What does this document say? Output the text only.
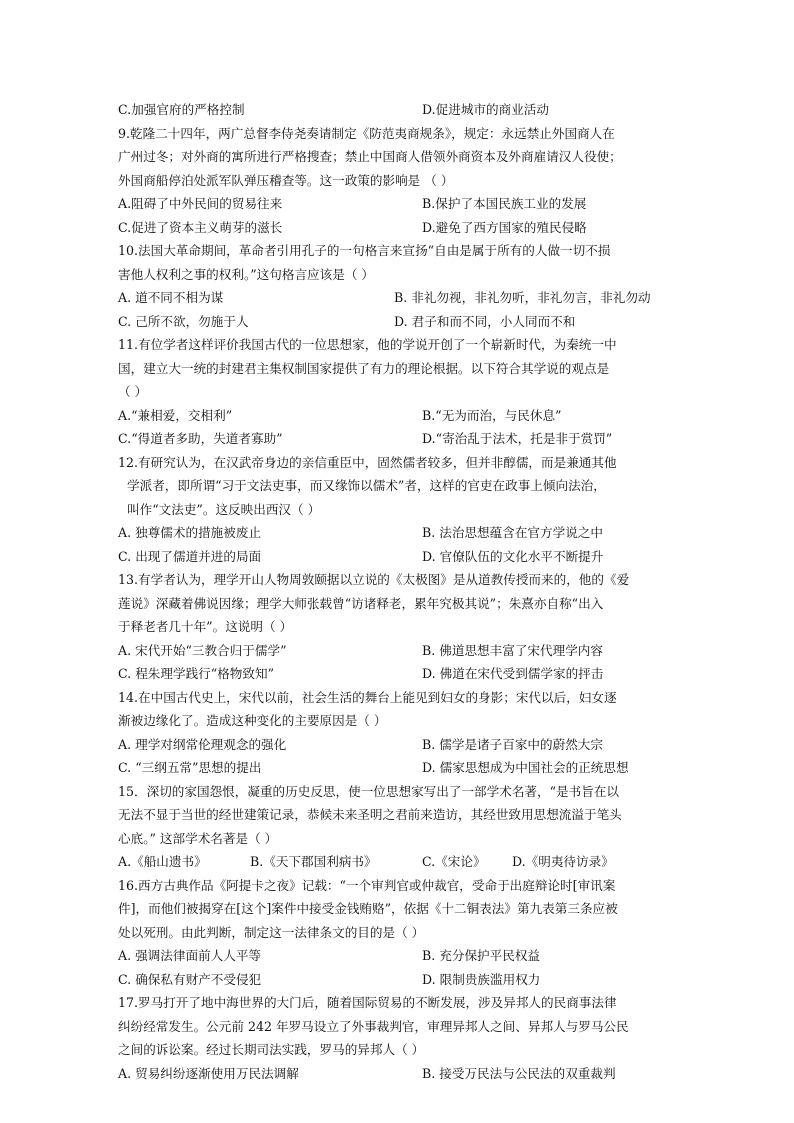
C.加强官府的严格控制	D.促进城市的商业活动
9.乾隆二十四年，两广总督李侍尧奏请制定《防范夷商规条》，规定：永远禁止外国商人在
广州过冬；对外商的寓所进行严格搜查；禁止中国商人借领外商资本及外商雇请汉人役使；
外国商船停泊处派军队弹压稽查等。这一政策的影响是 （ ）
A.阻碍了中外民间的贸易往来	B.保护了本国民族工业的发展
C.促进了资本主义萌芽的滋长	D.避免了西方国家的殖民侵略
10.法国大革命期间，革命者引用孔子的一句格言来宣扬“自由是属于所有的人做一切不损
害他人权利之事的权利。”这句格言应该是（ ）
A. 道不同不相为谋	B. 非礼勿视，非礼勿听，非礼勿言，非礼勿动
C. 己所不欲，勿施于人	D. 君子和而不同，小人同而不和
11.有位学者这样评价我国古代的一位思想家，他的学说开创了一个崭新时代，为秦统一中
国，建立大一统的封建君主集权制国家提供了有力的理论根据。以下符合其学说的观点是
（ ）
A.“兼相爱，交相利”	B.“无为而治，与民休息”
C.“得道者多助，失道者寡助”	D.“寄治乱于法术，托是非于赏罚”
12.有研究认为，在汉武帝身边的亲信重臣中，固然儒者较多，但并非醇儒，而是兼通其他
学派者，即所谓“习于文法吏事，而又缘饰以儒术”者，这样的官吏在政事上倾向法治，
叫作“文法吏”。这反映出西汉（ ）
A. 独尊儒术的措施被废止	B. 法治思想蕴含在官方学说之中
C. 出现了儒道并进的局面	D. 官僚队伍的文化水平不断提升
13.有学者认为，理学开山人物周敦颐据以立说的《太极图》是从道教传授而来的，他的《爱
莲说》深藏着佛说因缘；理学大师张载曾“访诸释老，累年究极其说”；朱熹亦自称“出入
于释老者几十年”。这说明（ ）
A. 宋代开始“三教合归于儒学”	B. 佛道思想丰富了宋代理学内容
C. 程朱理学践行“格物致知”	D. 佛道在宋代受到儒学家的抨击
14.在中国古代史上，宋代以前，社会生活的舞台上能见到妇女的身影；宋代以后，妇女逐
渐被边缘化了。造成这种变化的主要原因是（ ）
A. 理学对纲常伦理观念的强化	B. 儒学是诸子百家中的蔚然大宗
C. “三纲五常”思想的提出	D. 儒家思想成为中国社会的正统思想
15．深切的家国怨恨，凝重的历史反思，使一位思想家写出了一部学术名著，“是书旨在以
无法不显于当世的经世建策记录，恭候未来圣明之君前来造访，其经世致用思想流溢于笔头
心底。” 这部学术名著是（ ）
A.《船山遗书》	B.《天下郡国利病书》	C.《宋论》 D.《明夷待访录》
16.西方古典作品《阿提卡之夜》记载：“一个审判官或仲裁官，受命于出庭辩论时[审讯案
件]，而他们被揭穿在[这个]案件中接受金钱贿赂”，依据《十二铜表法》第九表第三条应被
处以死刑。由此判断，制定这一法律条文的目的是（ ）
A. 强调法律面前人人平等	B. 充分保护平民权益
C. 确保私有财产不受侵犯	D. 限制贵族滥用权力
17.罗马打开了地中海世界的大门后，随着国际贸易的不断发展，涉及异邦人的民商事法律
纠纷经常发生。公元前 242 年罗马设立了外事裁判官，审理异邦人之间、异邦人与罗马公民
之间的诉讼案。经过长期司法实践，罗马的异邦人（ ）
A. 贸易纠纷逐渐使用万民法调解	B. 接受万民法与公民法的双重裁判
